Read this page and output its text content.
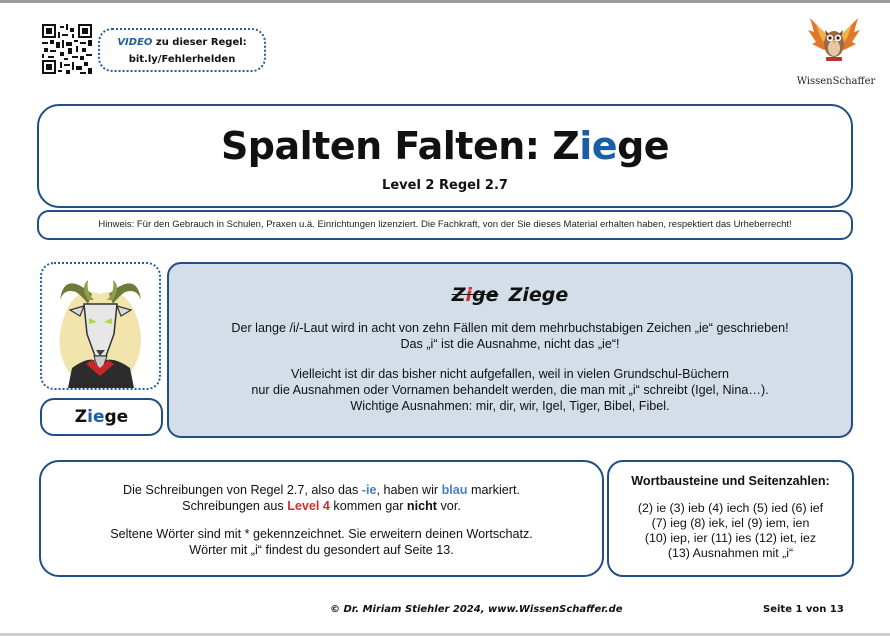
VIDEO zu dieser Regel:
bit.ly/Fehlerhelden
WissenSchaffer
Spalten Falten: Ziege
Level 2 Regel 2.7
Hinweis: Für den Gebrauch in Schulen, Praxen u.ä. Einrichtungen lizenziert. Die Fachkraft, von der Sie dieses Material erhalten haben, respektiert das Urheberrecht!
Ziege
Zige Ziege

Der lange /i/-Laut wird in acht von zehn Fällen mit dem mehrbuchstabigen Zeichen „ie“ geschrieben!
Das „i“ ist die Ausnahme, nicht das „ie“!

Vielleicht ist dir das bisher nicht aufgefallen, weil in vielen Grundschul-Büchern
nur die Ausnahmen oder Vornamen behandelt werden, die man mit „i“ schreibt (Igel, Nina…).
Wichtige Ausnahmen: mir, dir, wir, Igel, Tiger, Bibel, Fibel.

Die Schreibungen von Regel 2.7, also das -ie, haben wir blau markiert.
Schreibungen aus Level 4 kommen gar nicht vor.

Seltene Wörter sind mit * gekennzeichnet. Sie erweitern deinen Wortschatz.
Wörter mit „i“ findest du gesondert auf Seite 13.

Wortbausteine und Seitenzahlen:
(2) ie (3) ieb (4) iech (5) ied (6) ief
(7) ieg (8) iek, iel (9) iem, ien
(10) iep, ier (11) ies (12) iet, iez
(13) Ausnahmen mit „i“
© Dr. Miriam Stiehler 2024, www.WissenSchaffer.de	Seite 1 von 13
